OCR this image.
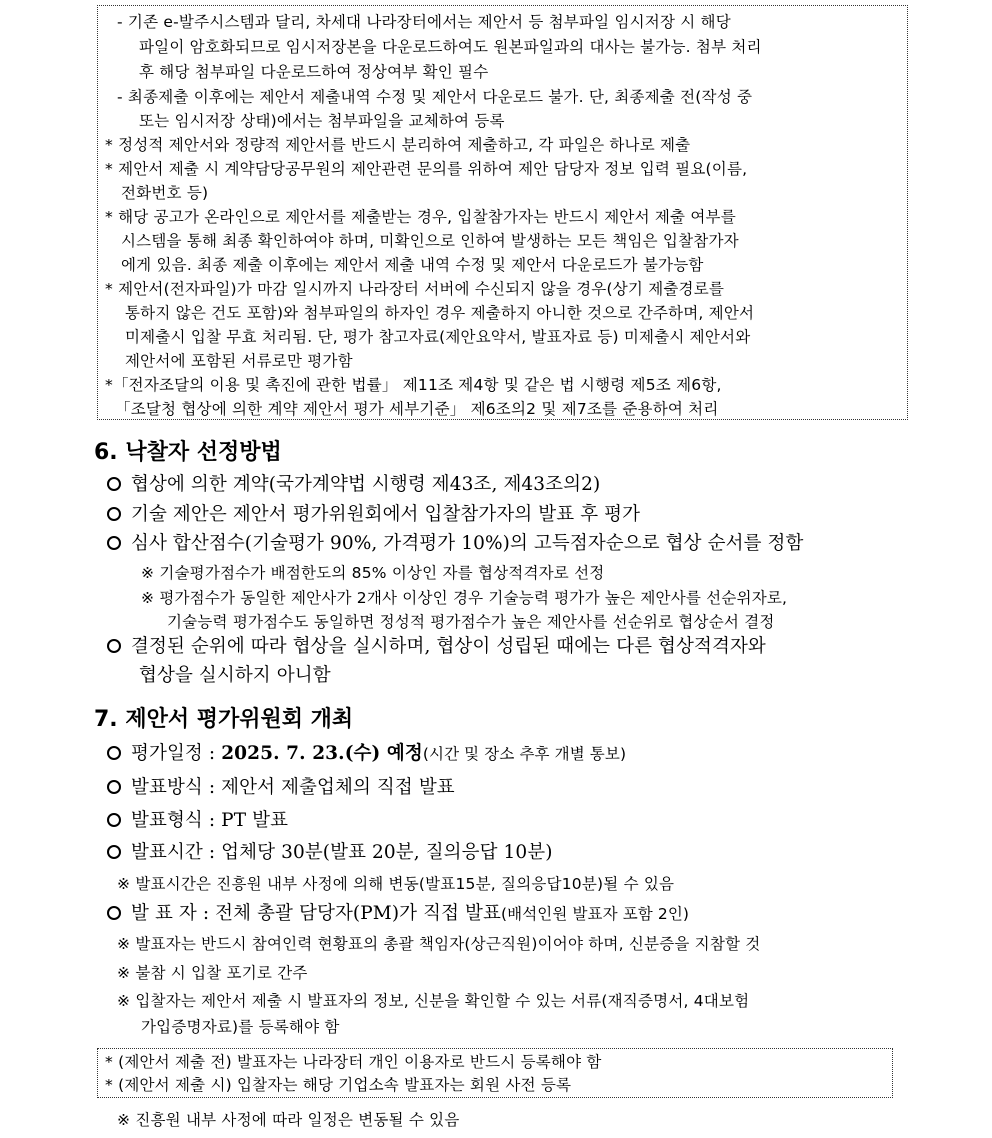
- 기존 e-발주시스템과 달리, 차세대 나라장터에서는 제안서 등 첨부파일 임시저장 시 해당
파일이 암호화되므로 임시저장본을 다운로드하여도 원본파일과의 대사는 불가능. 첨부 처리
후 해당 첨부파일 다운로드하여 정상여부 확인 필수
- 최종제출 이후에는 제안서 제출내역 수정 및 제안서 다운로드 불가. 단, 최종제출 전(작성 중
또는 임시저장 상태)에서는 첨부파일을 교체하여 등록
* 정성적 제안서와 정량적 제안서를 반드시 분리하여 제출하고, 각 파일은 하나로 제출
* 제안서 제출 시 계약담당공무원의 제안관련 문의를 위하여 제안 담당자 정보 입력 필요(이름,
전화번호 등)
* 해당 공고가 온라인으로 제안서를 제출받는 경우, 입찰참가자는 반드시 제안서 제출 여부를
시스템을 통해 최종 확인하여야 하며, 미확인으로 인하여 발생하는 모든 책임은 입찰참가자
에게 있음. 최종 제출 이후에는 제안서 제출 내역 수정 및 제안서 다운로드가 불가능함
* 제안서(전자파일)가 마감 일시까지 나라장터 서버에 수신되지 않을 경우(상기 제출경로를
통하지 않은 건도 포함)와 첨부파일의 하자인 경우 제출하지 아니한 것으로 간주하며, 제안서
미제출시 입찰 무효 처리됨. 단, 평가 참고자료(제안요약서, 발표자료 등) 미제출시 제안서와
제안서에 포함된 서류로만 평가함
*「전자조달의 이용 및 촉진에 관한 법률」 제11조 제4항 및 같은 법 시행령 제5조 제6항,
「조달청 협상에 의한 계약 제안서 평가 세부기준」 제6조의2 및 제7조를 준용하여 처리
6. 낙찰자 선정방법
협상에 의한 계약(국가계약법 시행령 제43조, 제43조의2)
기술 제안은 제안서 평가위원회에서 입찰참가자의 발표 후 평가
심사 합산점수(기술평가 90%, 가격평가 10%)의 고득점자순으로 협상 순서를 정함
※ 기술평가점수가 배점한도의 85% 이상인 자를 협상적격자로 선정
※ 평가점수가 동일한 제안사가 2개사 이상인 경우 기술능력 평가가 높은 제안사를 선순위자로,
기술능력 평가점수도 동일하면 정성적 평가점수가 높은 제안사를 선순위로 협상순서 결정
결정된 순위에 따라 협상을 실시하며, 협상이 성립된 때에는 다른 협상적격자와
협상을 실시하지 아니함
7. 제안서 평가위원회 개최
평가일정 : 2025. 7. 23.(수) 예정(시간 및 장소 추후 개별 통보)
발표방식 : 제안서 제출업체의 직접 발표
발표형식 : PT 발표
발표시간 : 업체당 30분(발표 20분, 질의응답 10분)
※ 발표시간은 진흥원 내부 사정에 의해 변동(발표15분, 질의응답10분)될 수 있음
발 표 자 : 전체 총괄 담당자(PM)가 직접 발표(배석인원 발표자 포함 2인)
※ 발표자는 반드시 참여인력 현황표의 총괄 책임자(상근직원)이어야 하며, 신분증을 지참할 것
※ 불참 시 입찰 포기로 간주
※ 입찰자는 제안서 제출 시 발표자의 정보, 신분을 확인할 수 있는 서류(재직증명서, 4대보험
가입증명자료)를 등록해야 함
* (제안서 제출 전) 발표자는 나라장터 개인 이용자로 반드시 등록해야 함
* (제안서 제출 시) 입찰자는 해당 기업소속 발표자는 회원 사전 등록
※ 진흥원 내부 사정에 따라 일정은 변동될 수 있음
